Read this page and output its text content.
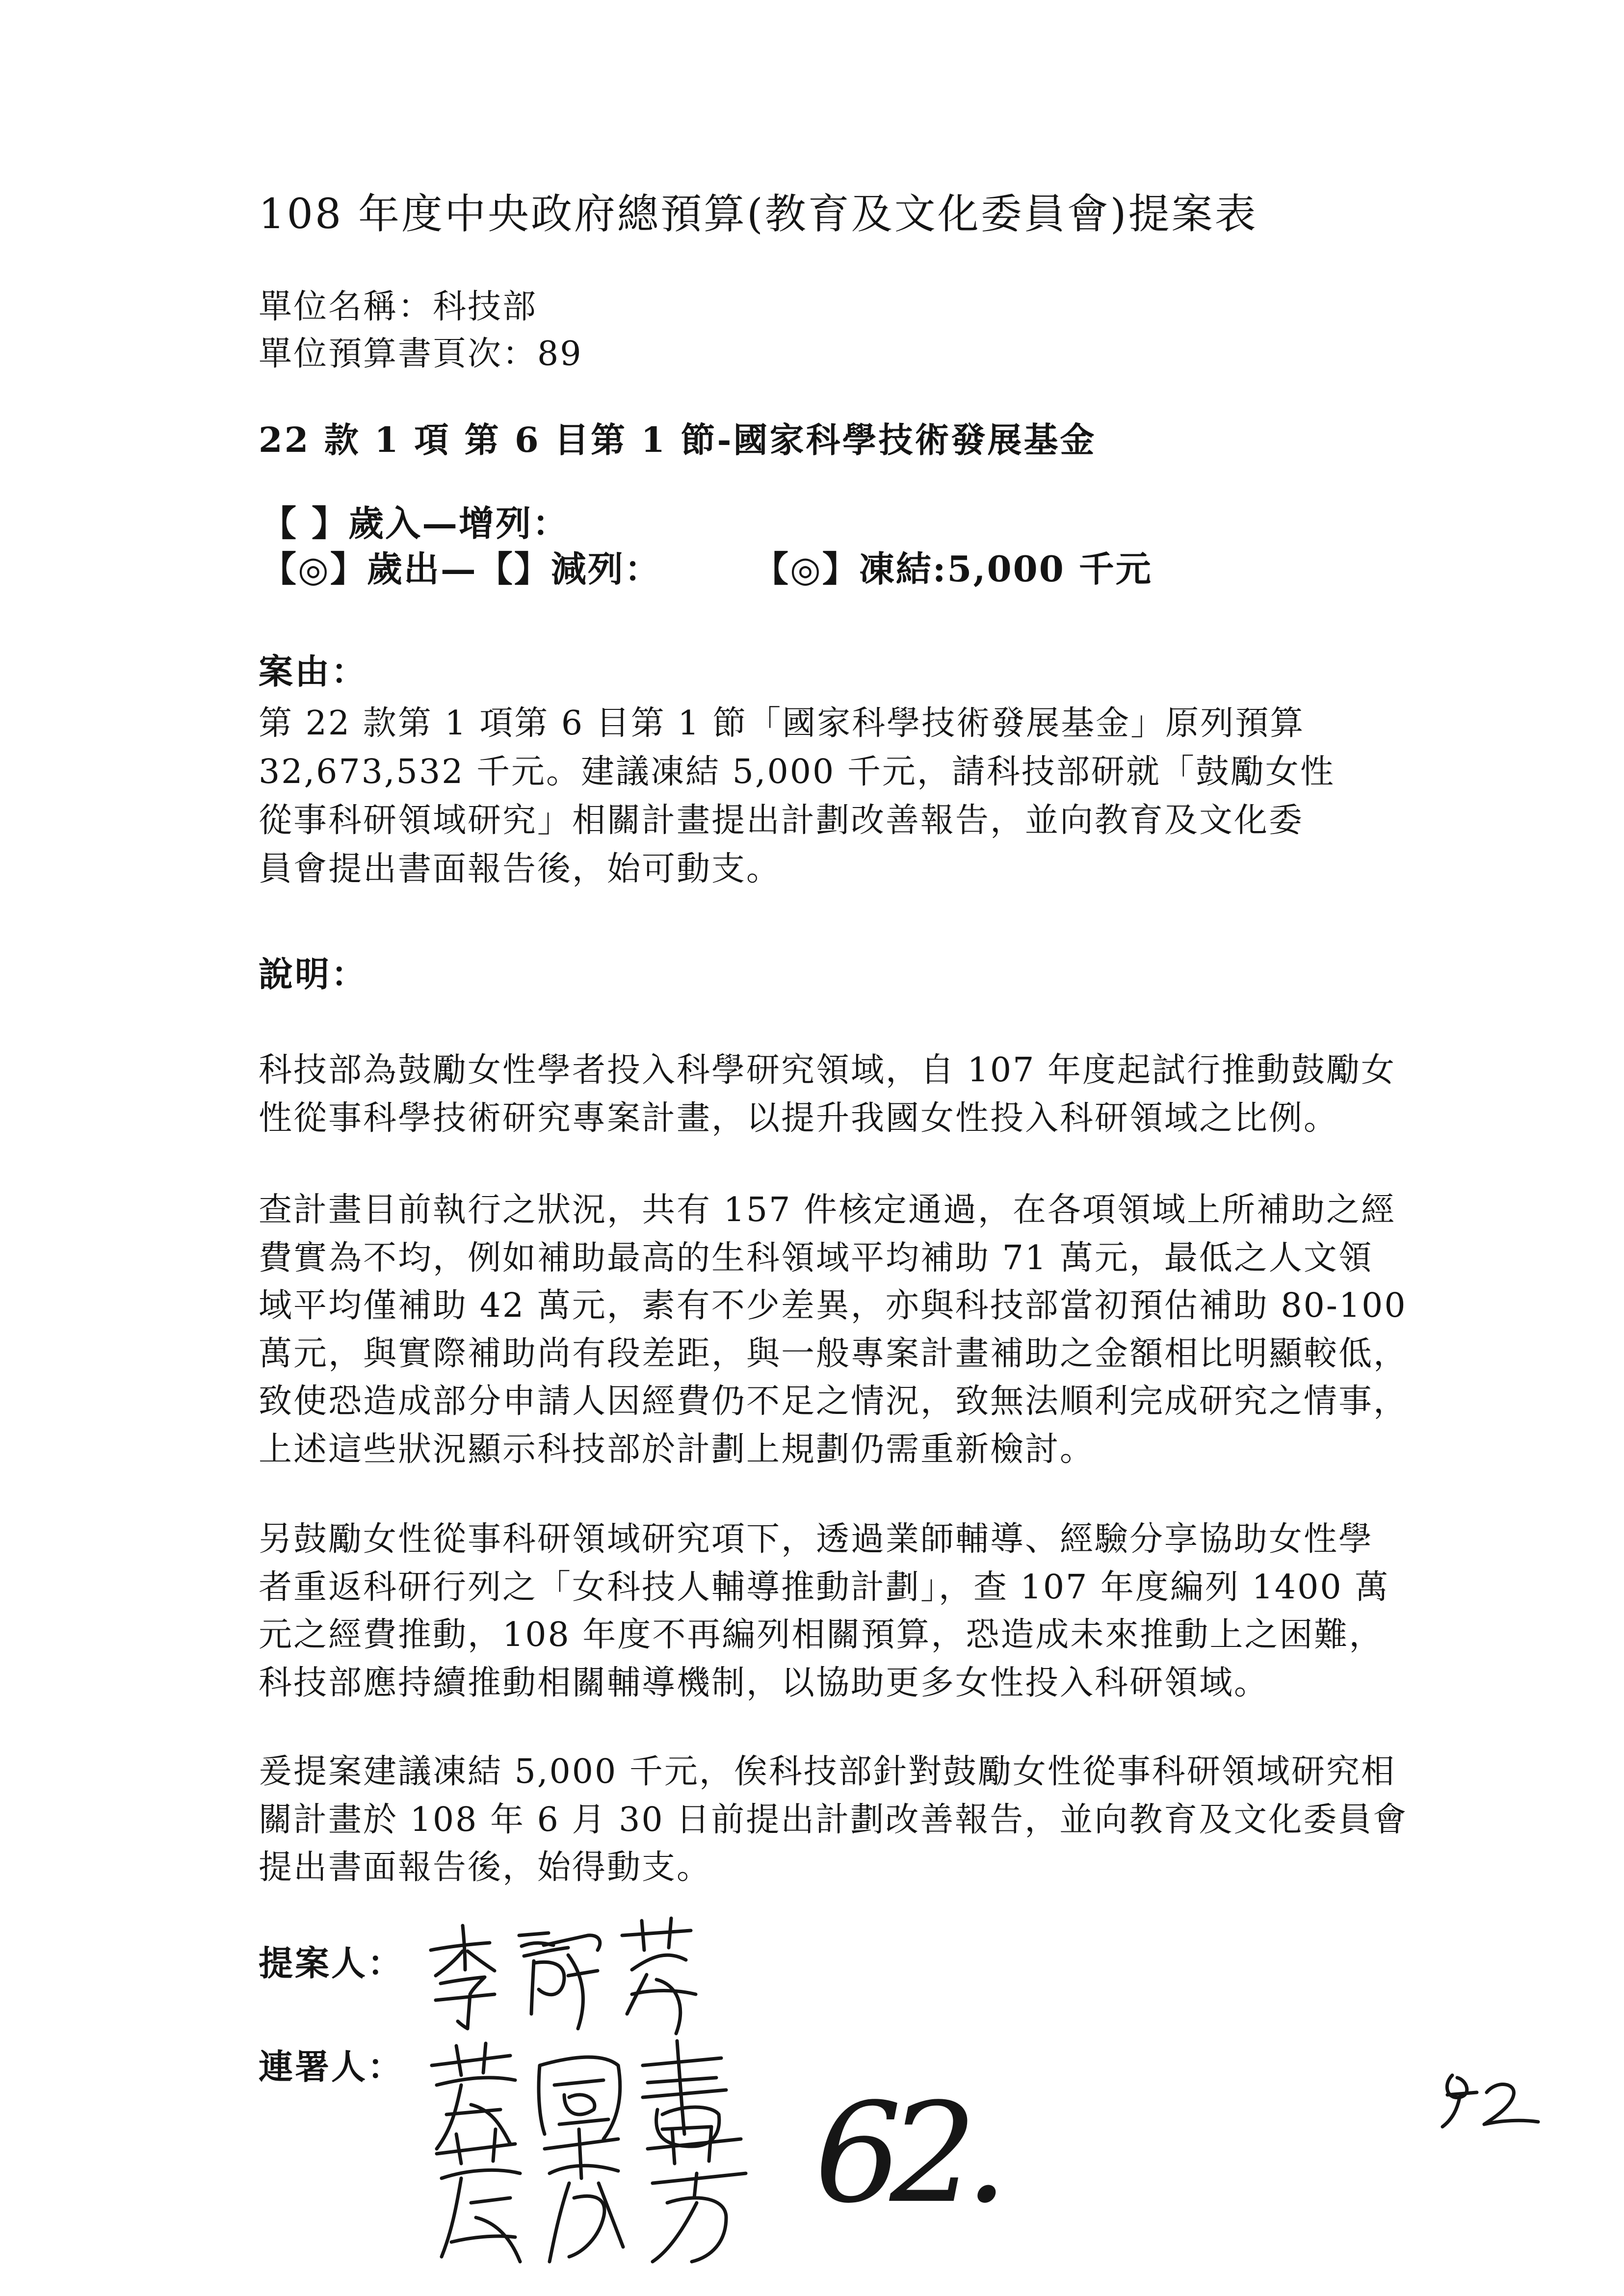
108 年度中央政府總預算(教育及文化委員會)提案表
單位名稱：科技部
單位預算書頁次：89
22 款 1 項 第 6 目第 1 節-國家科學技術發展基金
【 】歲入—增列：
【◎】歲出—【】減列：	【◎】凍結:5,000 千元
案由：
第 22 款第 1 項第 6 目第 1 節「國家科學技術發展基金」原列預算
32,673,532 千元。建議凍結 5,000 千元，請科技部研就「鼓勵女性
從事科研領域研究」相關計畫提出計劃改善報告，並向教育及文化委
員會提出書面報告後，始可動支。
說明：
科技部為鼓勵女性學者投入科學研究領域，自 107 年度起試行推動鼓勵女
性從事科學技術研究專案計畫，以提升我國女性投入科研領域之比例。
查計畫目前執行之狀況，共有 157 件核定通過，在各項領域上所補助之經
費實為不均，例如補助最高的生科領域平均補助 71 萬元，最低之人文領
域平均僅補助 42 萬元，素有不少差異，亦與科技部當初預估補助 80-100
萬元，與實際補助尚有段差距，與一般專案計畫補助之金額相比明顯較低，
致使恐造成部分申請人因經費仍不足之情況，致無法順利完成研究之情事，
上述這些狀況顯示科技部於計劃上規劃仍需重新檢討。
另鼓勵女性從事科研領域研究項下，透過業師輔導、經驗分享協助女性學
者重返科研行列之「女科技人輔導推動計劃」，查 107 年度編列 1400 萬
元之經費推動，108 年度不再編列相關預算，恐造成未來推動上之困難，
科技部應持續推動相關輔導機制，以協助更多女性投入科研領域。
爰提案建議凍結 5,000 千元，俟科技部針對鼓勵女性從事科研領域研究相
關計畫於 108 年 6 月 30 日前提出計劃改善報告，並向教育及文化委員會
提出書面報告後，始得動支。
提案人：
連署人：
62.
